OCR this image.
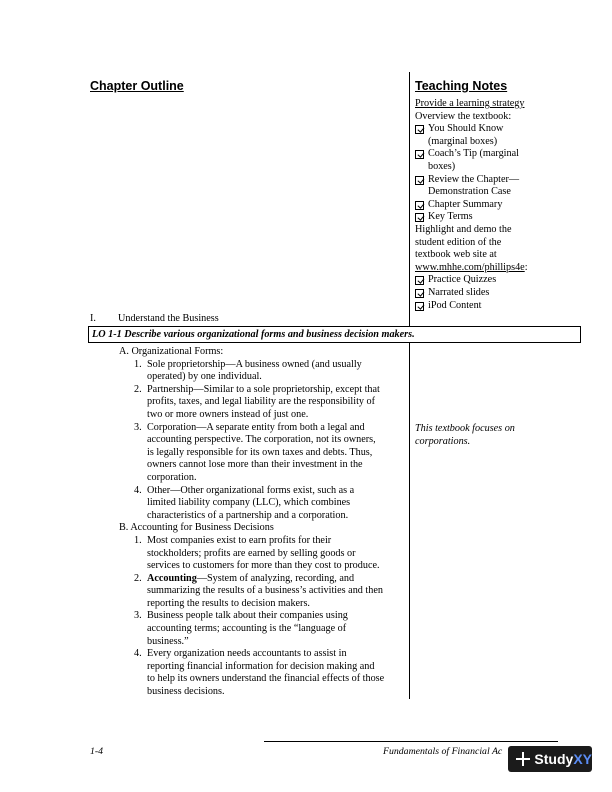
Chapter Outline	Teaching Notes
Provide a learning strategy
Overview the textbook:
You Should Know
(marginal boxes)
Coach’s Tip (marginal
boxes)
Review the Chapter—
Demonstration Case
Chapter Summary
Key Terms
Highlight and demo the
student edition of the
textbook web site at
www.mhhe.com/phillips4e:
Practice Quizzes
Narrated slides
iPod Content
I. Understand the Business
LO 1-1 Describe various organizational forms and business decision makers.
A. Organizational Forms:
1. Sole proprietorship—A business owned (and usually
operated) by one individual.
2. Partnership—Similar to a sole proprietorship, except that
profits, taxes, and legal liability are the responsibility of
two or more owners instead of just one.
3. Corporation—A separate entity from both a legal and
accounting perspective. The corporation, not its owners,
is legally responsible for its own taxes and debts. Thus,
owners cannot lose more than their investment in the
corporation.
4. Other—Other organizational forms exist, such as a
limited liability company (LLC), which combines
characteristics of a partnership and a corporation.
B. Accounting for Business Decisions
1. Most companies exist to earn profits for their
stockholders; profits are earned by selling goods or
services to customers for more than they cost to produce.
2. Accounting—System of analyzing, recording, and
summarizing the results of a business’s activities and then
reporting the results to decision makers.
3. Business people talk about their companies using
accounting terms; accounting is the “language of
business.”
4. Every organization needs accountants to assist in
reporting financial information for decision making and
to help its owners understand the financial effects of those
business decisions.
This textbook focuses on
corporations.
1-4	Fundamentals of Financial Ac Study XY
